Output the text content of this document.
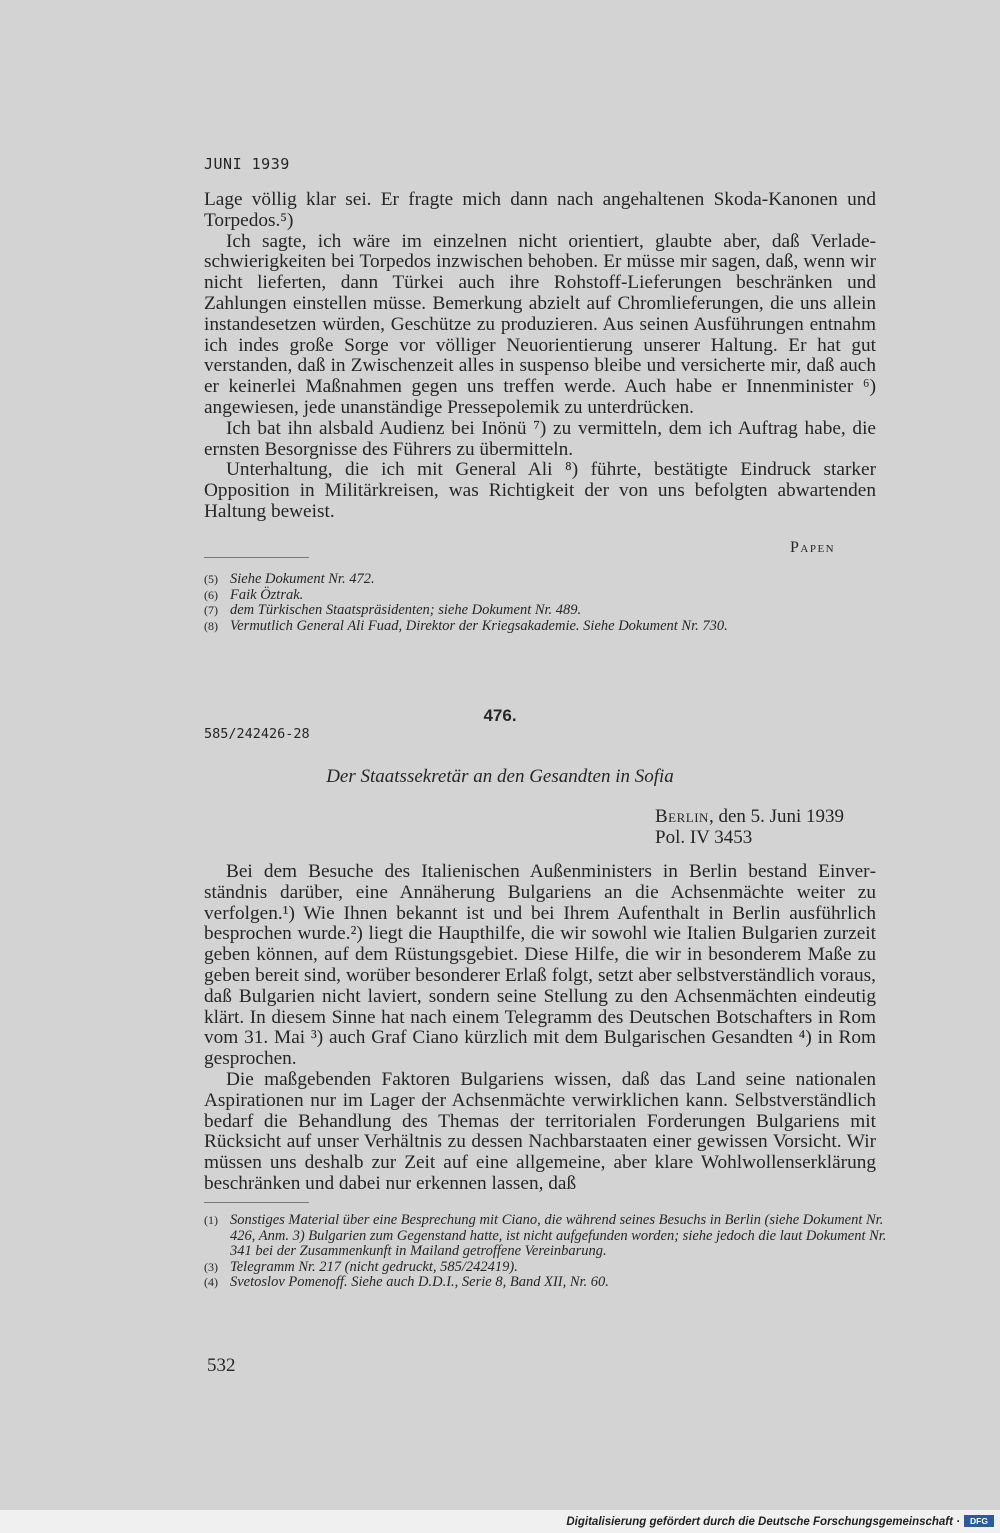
JUNI 1939

Lage völlig klar sei. Er fragte mich dann nach angehaltenen Skoda-Kanonen und Torpedos.⁵)

Ich sagte, ich wäre im einzelnen nicht orientiert, glaubte aber, daß Verladeschwierigkeiten bei Torpedos inzwischen behoben. Er müsse mir sagen, daß, wenn wir nicht lieferten, dann Türkei auch ihre Rohstoff-Lieferungen beschränken und Zahlungen einstellen müsse. Bemerkung abzielt auf Chromlieferungen, die uns allein instandesetzen würden, Geschütze zu produzieren. Aus seinen Ausführungen entnahm ich indes große Sorge vor völliger Neuorientierung unserer Haltung. Er hat gut verstanden, daß in Zwischenzeit alles in suspenso bleibe und versicherte mir, daß auch er keinerlei Maßnahmen gegen uns treffen werde. Auch habe er Innenminister ⁶) angewiesen, jede unanständige Pressepolemik zu unterdrücken.

Ich bat ihn alsbald Audienz bei Inönü ⁷) zu vermitteln, dem ich Auftrag habe, die ernsten Besorgnisse des Führers zu übermitteln.

Unterhaltung, die ich mit General Ali ⁸) führte, bestätigte Eindruck starker Opposition in Militärkreisen, was Richtigkeit der von uns befolgten abwartenden Haltung beweist.

Papen
(5) Siehe Dokument Nr. 472.
(6) Faik Öztrak.
(7) dem Türkischen Staatspräsidenten; siehe Dokument Nr. 489.
(8) Vermutlich General Ali Fuad, Direktor der Kriegsakademie. Siehe Dokument Nr. 730.
476.
585/242426-28
Der Staatssekretär an den Gesandten in Sofia
Berlin, den 5. Juni 1939
Pol. IV 3453

Bei dem Besuche des Italienischen Außenministers in Berlin bestand Einverständnis darüber, eine Annäherung Bulgariens an die Achsenmächte weiter zu verfolgen.¹) Wie Ihnen bekannt ist und bei Ihrem Aufenthalt in Berlin ausführlich besprochen wurde.²) liegt die Haupthilfe, die wir sowohl wie Italien Bulgarien zurzeit geben können, auf dem Rüstungsgebiet. Diese Hilfe, die wir in besonderem Maße zu geben bereit sind, worüber besonderer Erlaß folgt, setzt aber selbstverständlich voraus, daß Bulgarien nicht laviert, sondern seine Stellung zu den Achsenmächten eindeutig klärt. In diesem Sinne hat nach einem Telegramm des Deutschen Botschafters in Rom vom 31. Mai ³) auch Graf Ciano kürzlich mit dem Bulgarischen Gesandten ⁴) in Rom gesprochen.

Die maßgebenden Faktoren Bulgariens wissen, daß das Land seine nationalen Aspirationen nur im Lager der Achsenmächte verwirklichen kann. Selbstverständlich bedarf die Behandlung des Themas der territorialen Forderungen Bulgariens mit Rücksicht auf unser Verhältnis zu dessen Nachbarstaaten einer gewissen Vorsicht. Wir müssen uns deshalb zur Zeit auf eine allgemeine, aber klare Wohlwollenserklärung beschränken und dabei nur erkennen lassen, daß

(1) Sonstiges Material über eine Besprechung mit Ciano, die während seines Besuchs in Berlin (siehe Dokument Nr. 426, Anm. 3) Bulgarien zum Gegenstand hatte, ist nicht aufgefunden worden; siehe jedoch die laut Dokument Nr. 341 bei der Zusammenkunft in Mailand getroffene Vereinbarung.
(3) Telegramm Nr. 217 (nicht gedruckt, 585/242419).
(4) Svetoslov Pomenoff. Siehe auch D.D.I., Serie 8, Band XII, Nr. 60.
532
Digitalisierung gefördert durch die Deutsche Forschungsgemeinschaft ·	DFG
